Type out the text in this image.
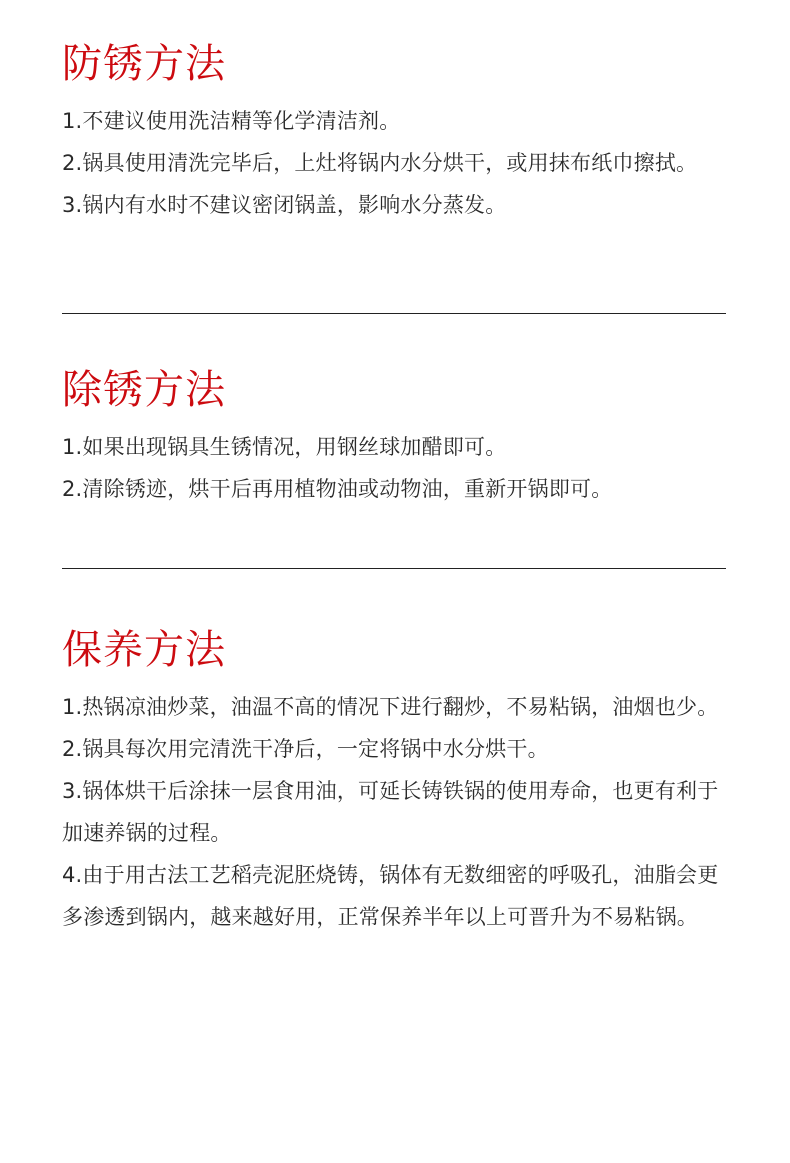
防锈方法
1.不建议使用洗洁精等化学清洁剂。
2.锅具使用清洗完毕后，上灶将锅内水分烘干，或用抹布纸巾擦拭。
3.锅内有水时不建议密闭锅盖，影响水分蒸发。
除锈方法
1.如果出现锅具生锈情况，用钢丝球加醋即可。
2.清除锈迹，烘干后再用植物油或动物油，重新开锅即可。
保养方法
1.热锅凉油炒菜，油温不高的情况下进行翻炒，不易粘锅，油烟也少。
2.锅具每次用完清洗干净后，一定将锅中水分烘干。
3.锅体烘干后涂抹一层食用油，可延长铸铁锅的使用寿命，也更有利于加速养锅的过程。
4.由于用古法工艺稻壳泥胚烧铸，锅体有无数细密的呼吸孔，油脂会更多渗透到锅内，越来越好用，正常保养半年以上可晋升为不易粘锅。
